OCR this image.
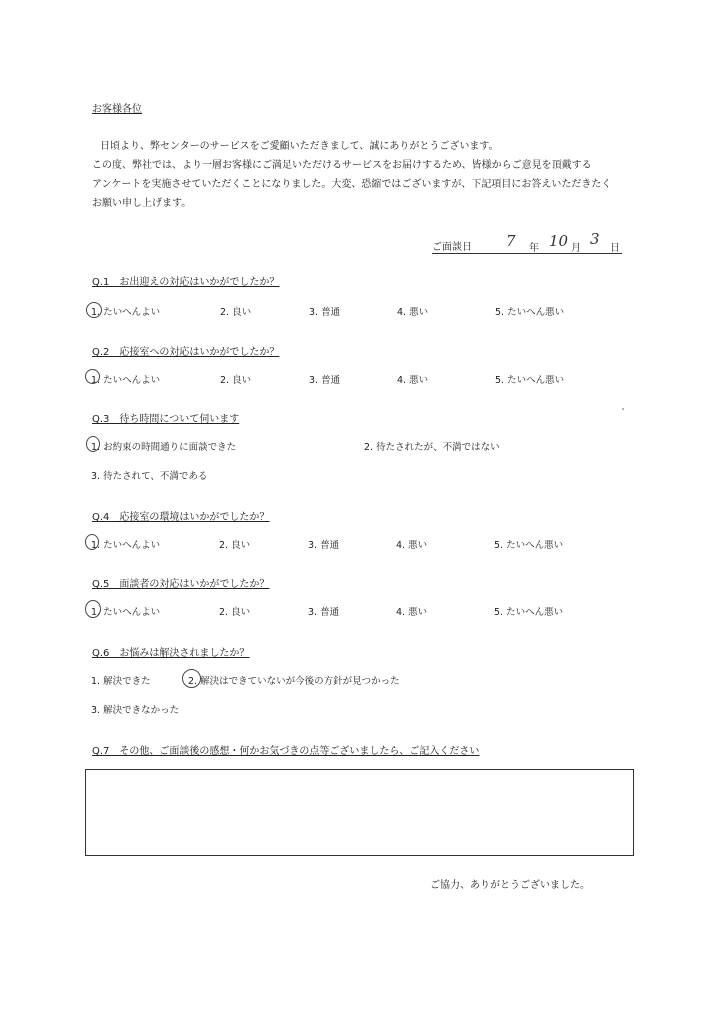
お客様各位
日頃より、弊センターのサービスをご愛顧いただきまして、誠にありがとうございます。
この度、弊社では、より一層お客様にご満足いただけるサービスをお届けするため、皆様からご意見を頂戴する
アンケートを実施させていただくことになりました。大変、恐縮ではございますが、下記項目にお答えいただきたく
お願い申し上げます。
ご面談日 7 年 10 月
3
日
Q.1　お出迎えの対応はいかがでしたか？
1. たいへんよい	2. 良い	3. 普通	4. 悪い	5. たいへん悪い
Q.2　応接室への対応はいかがでしたか？
1. たいへんよい	2. 良い	3. 普通	4. 悪い	5. たいへん悪い
Q.3　待ち時間について伺います
1. お約束の時間通りに面談できた	2. 待たされたが、不満ではない
3. 待たされて、不満である
Q.4　応接室の環境はいかがでしたか？
1. たいへんよい	2. 良い	3. 普通	4. 悪い	5. たいへん悪い
Q.5　面談者の対応はいかがでしたか？
1. たいへんよい	2. 良い	3. 普通	4. 悪い	5. たいへん悪い
Q.6　お悩みは解決されましたか？
1. 解決できた	2. 解決はできていないが今後の方針が見つかった
3. 解決できなかった
Q.7　その他、ご面談後の感想・何かお気づきの点等ございましたら、ご記入ください
ご協力、ありがとうございました。
